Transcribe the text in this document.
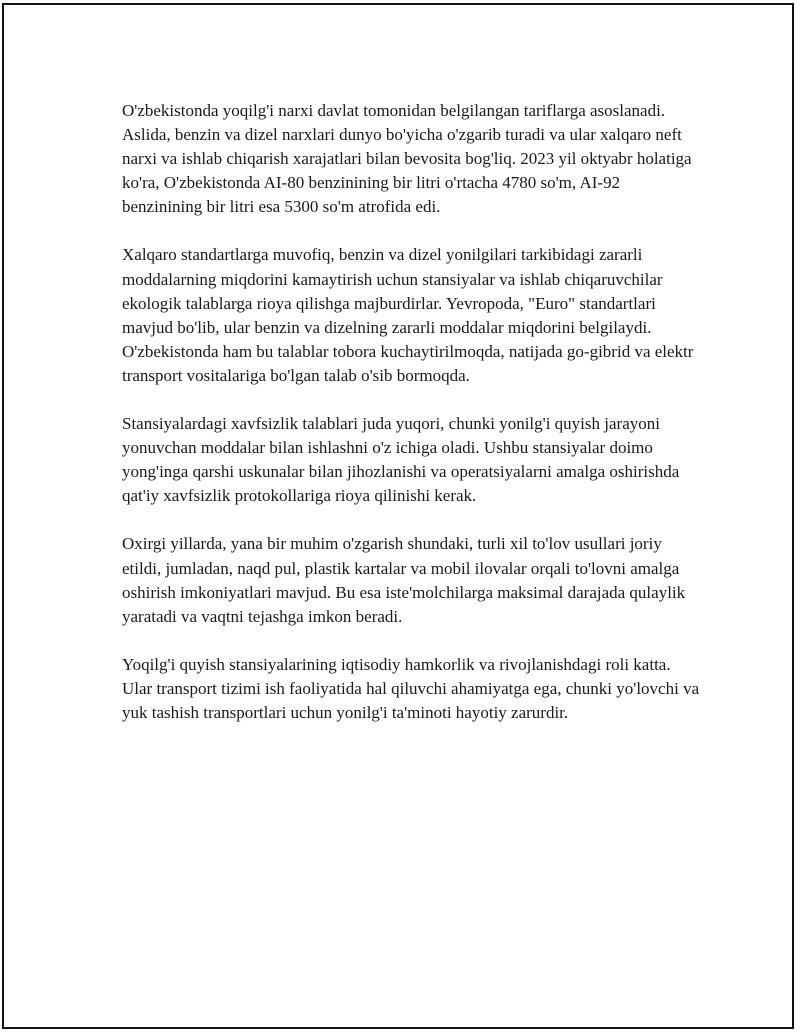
O'zbekistonda yoqilg'i narxi davlat tomonidan belgilangan tariflarga asoslanadi. Aslida, benzin va dizel narxlari dunyo bo'yicha o'zgarib turadi va ular xalqaro neft narxi va ishlab chiqarish xarajatlari bilan bevosita bog'liq. 2023 yil oktyabr holatiga ko'ra, O'zbekistonda AI-80 benzinining bir litri o'rtacha 4780 so'm, AI-92 benzinining bir litri esa 5300 so'm atrofida edi.

Xalqaro standartlarga muvofiq, benzin va dizel yonilgilari tarkibidagi zararli moddalarning miqdorini kamaytirish uchun stansiyalar va ishlab chiqaruvchilar ekologik talablarga rioya qilishga majburdirlar. Yevropoda, "Euro" standartlari mavjud bo'lib, ular benzin va dizelning zararli moddalar miqdorini belgilaydi. O'zbekistonda ham bu talablar tobora kuchaytirilmoqda, natijada go-gibrid va elektr transport vositalariga bo'lgan talab o'sib bormoqda.

Stansiyalardagi xavfsizlik talablari juda yuqori, chunki yonilg'i quyish jarayoni yonuvchan moddalar bilan ishlashni o'z ichiga oladi. Ushbu stansiyalar doimo yong'inga qarshi uskunalar bilan jihozlanishi va operatsiyalarni amalga oshirishda qat'iy xavfsizlik protokollariga rioya qilinishi kerak.

Oxirgi yillarda, yana bir muhim o'zgarish shundaki, turli xil to'lov usullari joriy etildi, jumladan, naqd pul, plastik kartalar va mobil ilovalar orqali to'lovni amalga oshirish imkoniyatlari mavjud. Bu esa iste'molchilarga maksimal darajada qulaylik yaratadi va vaqtni tejashga imkon beradi.

Yoqilg'i quyish stansiyalarining iqtisodiy hamkorlik va rivojlanishdagi roli katta. Ular transport tizimi ish faoliyatida hal qiluvchi ahamiyatga ega, chunki yo'lovchi va yuk tashish transportlari uchun yonilg'i ta'minoti hayotiy zarurdir.
